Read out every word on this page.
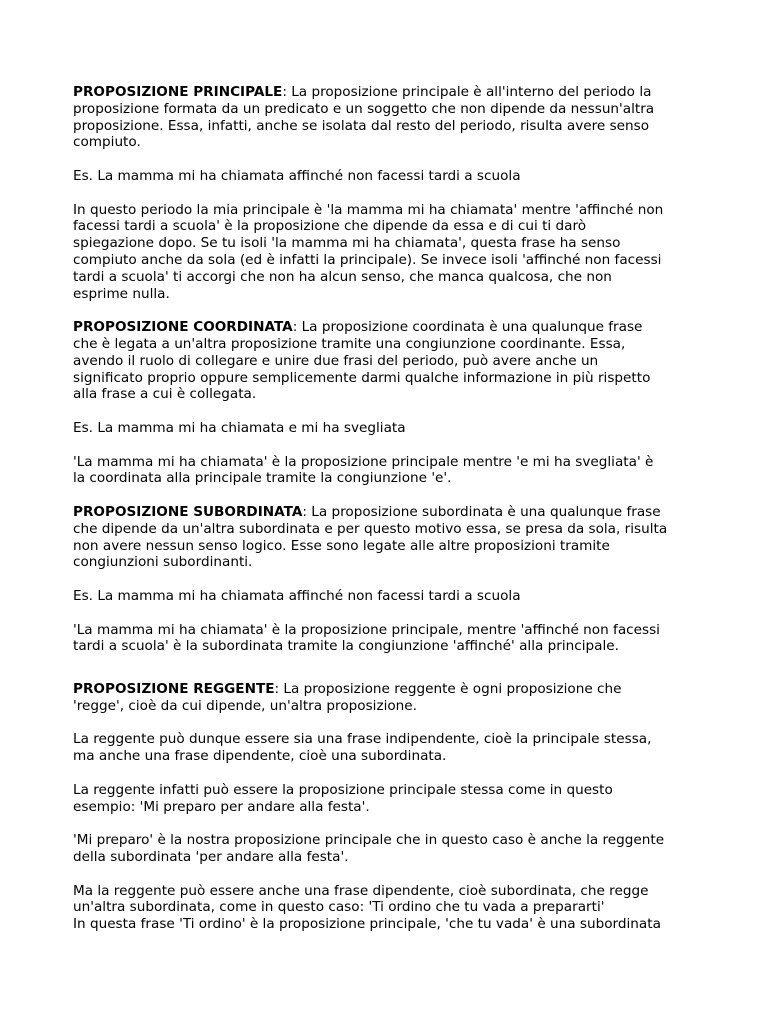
PROPOSIZIONE PRINCIPALE: La proposizione principale è all'interno del periodo la
proposizione formata da un predicato e un soggetto che non dipende da nessun'altra
proposizione. Essa, infatti, anche se isolata dal resto del periodo, risulta avere senso
compiuto.

Es. La mamma mi ha chiamata affinché non facessi tardi a scuola

In questo periodo la mia principale è 'la mamma mi ha chiamata' mentre 'affinché non
facessi tardi a scuola' è la proposizione che dipende da essa e di cui ti darò
spiegazione dopo. Se tu isoli 'la mamma mi ha chiamata', questa frase ha senso
compiuto anche da sola (ed è infatti la principale). Se invece isoli 'affinché non facessi
tardi a scuola' ti accorgi che non ha alcun senso, che manca qualcosa, che non
esprime nulla.

PROPOSIZIONE COORDINATA: La proposizione coordinata è una qualunque frase
che è legata a un'altra proposizione tramite una congiunzione coordinante. Essa,
avendo il ruolo di collegare e unire due frasi del periodo, può avere anche un
significato proprio oppure semplicemente darmi qualche informazione in più rispetto
alla frase a cui è collegata.

Es. La mamma mi ha chiamata e mi ha svegliata

'La mamma mi ha chiamata' è la proposizione principale mentre 'e mi ha svegliata' è
la coordinata alla principale tramite la congiunzione 'e'.

PROPOSIZIONE SUBORDINATA: La proposizione subordinata è una qualunque frase
che dipende da un'altra subordinata e per questo motivo essa, se presa da sola, risulta
non avere nessun senso logico. Esse sono legate alle altre proposizioni tramite
congiunzioni subordinanti.

Es. La mamma mi ha chiamata affinché non facessi tardi a scuola

'La mamma mi ha chiamata' è la proposizione principale, mentre 'affinché non facessi
tardi a scuola' è la subordinata tramite la congiunzione 'affinché' alla principale.

PROPOSIZIONE REGGENTE: La proposizione reggente è ogni proposizione che
'regge', cioè da cui dipende, un'altra proposizione.

La reggente può dunque essere sia una frase indipendente, cioè la principale stessa,
ma anche una frase dipendente, cioè una subordinata.

La reggente infatti può essere la proposizione principale stessa come in questo
esempio: 'Mi preparo per andare alla festa'.

'Mi preparo' è la nostra proposizione principale che in questo caso è anche la reggente
della subordinata 'per andare alla festa'.

Ma la reggente può essere anche una frase dipendente, cioè subordinata, che regge
un'altra subordinata, come in questo caso: 'Ti ordino che tu vada a prepararti'
In questa frase 'Ti ordino' è la proposizione principale, 'che tu vada' è una subordinata
